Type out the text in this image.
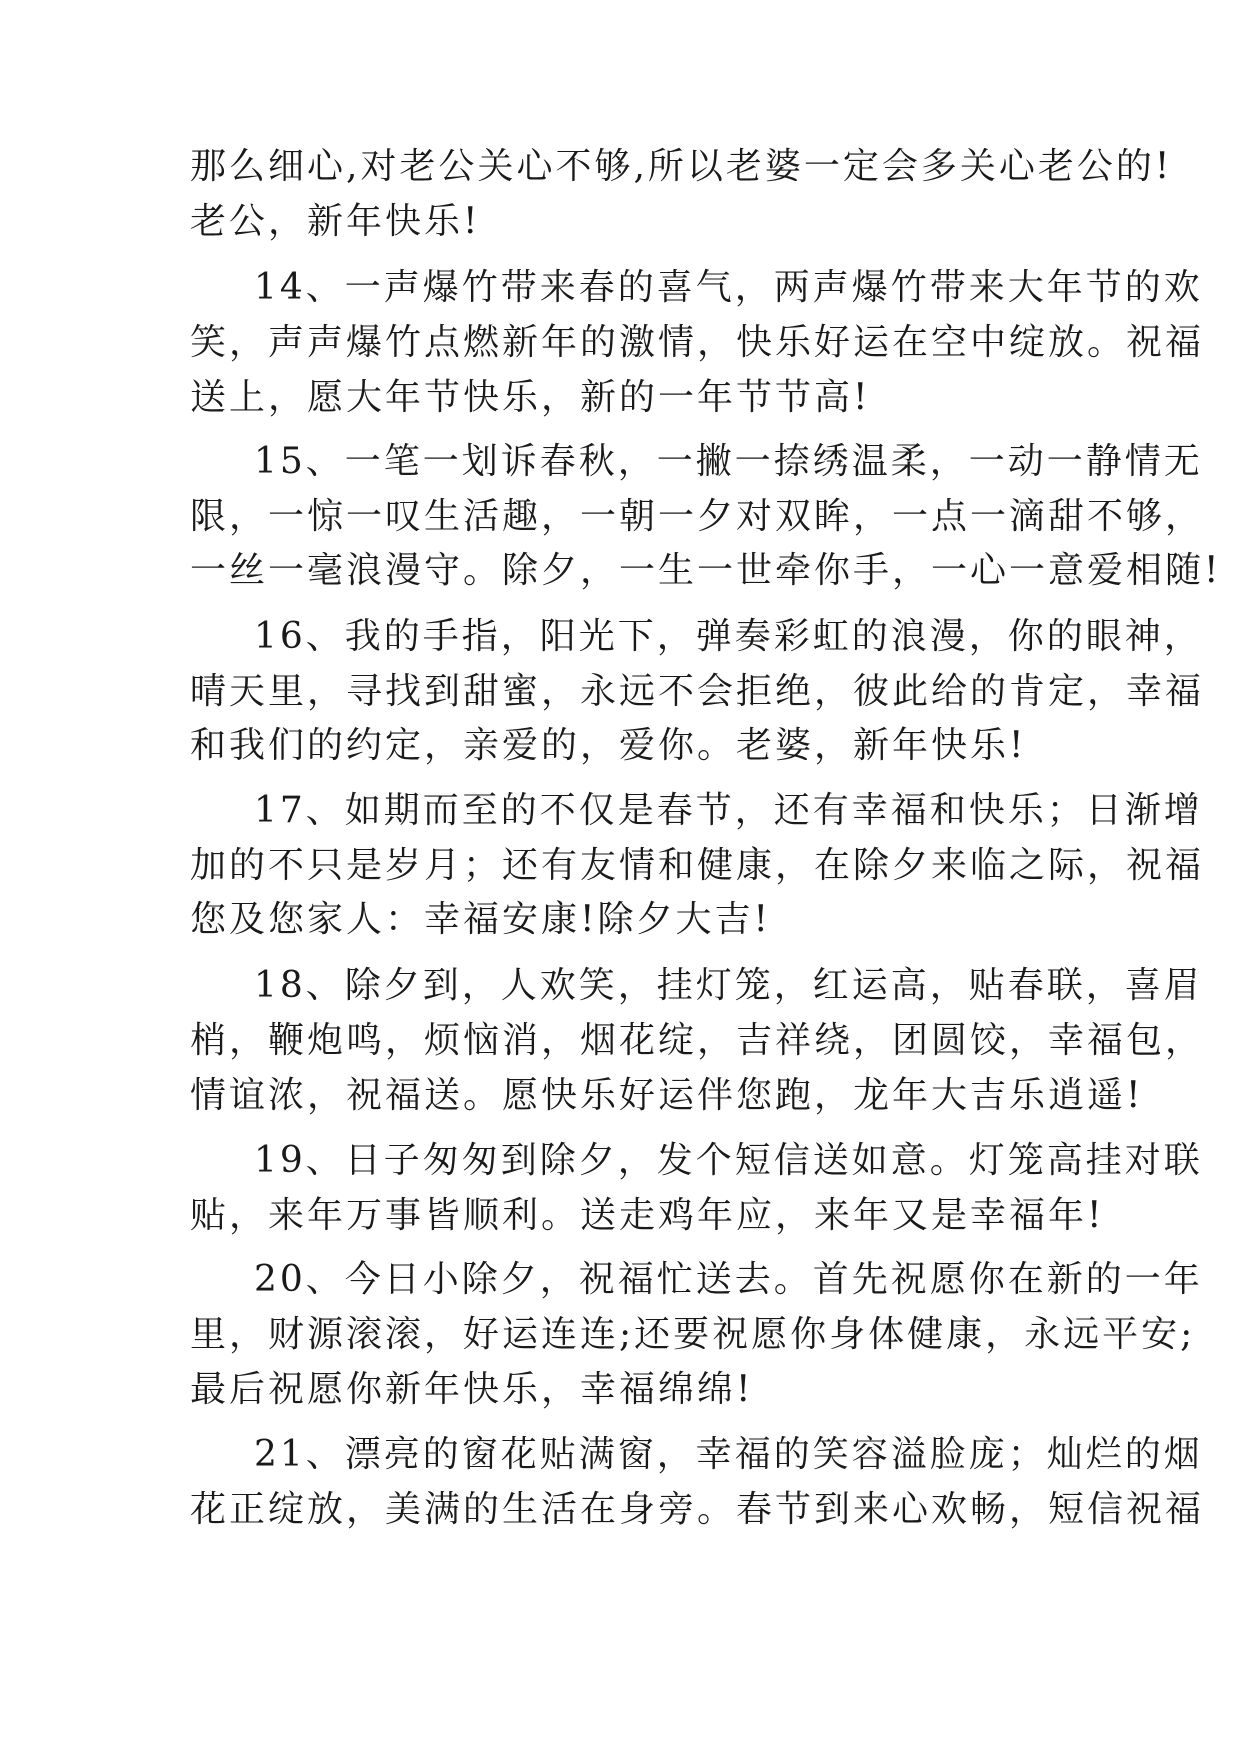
那么细心,对老公关心不够,所以老婆一定会多关心老公的!
老公，新年快乐!
14、一声爆竹带来春的喜气，两声爆竹带来大年节的欢
笑，声声爆竹点燃新年的激情，快乐好运在空中绽放。祝福
送上，愿大年节快乐，新的一年节节高!
15、一笔一划诉春秋，一撇一捺绣温柔，一动一静情无
限，一惊一叹生活趣，一朝一夕对双眸，一点一滴甜不够，
一丝一毫浪漫守。除夕，一生一世牵你手，一心一意爱相随!
16、我的手指，阳光下，弹奏彩虹的浪漫，你的眼神，
晴天里，寻找到甜蜜，永远不会拒绝，彼此给的肯定，幸福
和我们的约定，亲爱的，爱你。老婆，新年快乐!
17、如期而至的不仅是春节，还有幸福和快乐；日渐增
加的不只是岁月；还有友情和健康，在除夕来临之际，祝福
您及您家人：幸福安康!除夕大吉!
18、除夕到，人欢笑，挂灯笼，红运高，贴春联，喜眉
梢，鞭炮鸣，烦恼消，烟花绽，吉祥绕，团圆饺，幸福包，
情谊浓，祝福送。愿快乐好运伴您跑，龙年大吉乐逍遥!
19、日子匆匆到除夕，发个短信送如意。灯笼高挂对联
贴，来年万事皆顺利。送走鸡年应，来年又是幸福年!
20、今日小除夕，祝福忙送去。首先祝愿你在新的一年
里，财源滚滚，好运连连;还要祝愿你身体健康，永远平安;
最后祝愿你新年快乐，幸福绵绵!
21、漂亮的窗花贴满窗，幸福的笑容溢脸庞；灿烂的烟
花正绽放，美满的生活在身旁。春节到来心欢畅，短信祝福
